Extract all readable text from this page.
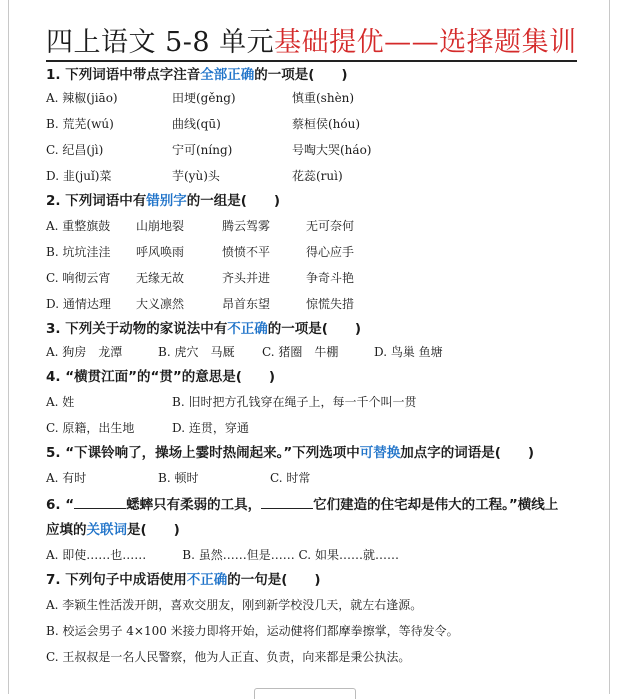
四上语文 5-8 单元基础提优——选择题集训
1. 下列词语中带点字注音全部正确的一项是(　　)
A. 辣椒(jiāo)	田埂(gěng)	慎重(shèn)
B. 荒芜(wú)	曲线(qū)	蔡桓侯(hóu)
C. 纪昌(jì)	宁可(níng)	号啕大哭(háo)
D. 韭(juǐ)菜	芋(yù)头	花蕊(ruì)
2. 下列词语中有错别字的一组是(　　)
A. 重整旗鼓	山崩地裂	腾云驾雾	无可奈何
B. 坑坑洼洼	呼风唤雨	愤愤不平	得心应手
C. 响彻云宵	无缘无故	齐头并进	争奇斗艳
D. 通情达理	大义凛然	昂首东望	惊慌失措
3. 下列关于动物的家说法中有不正确的一项是(　　)
A. 狗房　龙潭	B. 虎穴　马厩	C. 猪圈　牛棚	D. 鸟巢 鱼塘
4. “横贯江面”的“贯”的意思是(　　)
A. 姓	B. 旧时把方孔钱穿在绳子上，每一千个叫一贯
C. 原籍，出生地	D. 连贯，穿通
5. “下课铃响了，操场上霎时热闹起来。”下列选项中可替换加点字的词语是(　　)
A. 有时	B. 顿时	C. 时常
6. “	蟋蟀只有柔弱的工具，	它们建造的住宅却是伟大的工程。”横线上
应填的关联词是(　　)
A. 即使……也……　　　B. 虽然……但是…… C. 如果……就……
7. 下列句子中成语使用不正确的一句是(　　)
A. 李颖生性活泼开朗，喜欢交朋友，刚到新学校没几天，就左右逢源。
B. 校运会男子 4×100 米接力即将开始，运动健将们都摩拳擦掌，等待发令。
C. 王叔叔是一名人民警察，他为人正直、负责，向来都是秉公执法。
